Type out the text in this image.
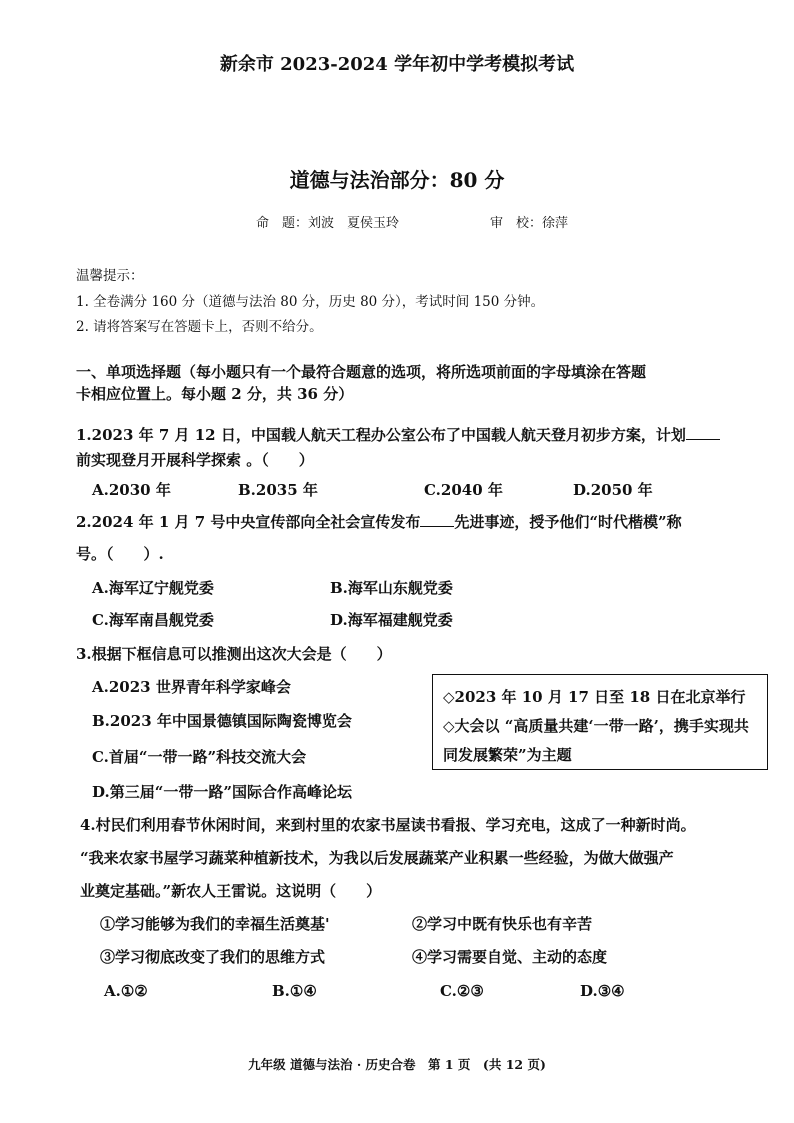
新余市 2023-2024 学年初中学考模拟考试
道德与法治部分：80 分
命　题：刘波　夏侯玉玲	审　校：徐萍
温馨提示：
1. 全卷满分 160 分（道德与法治 80 分，历史 80 分），考试时间 150 分钟。
2. 请将答案写在答题卡上，否则不给分。
一、单项选择题（每小题只有一个最符合题意的选项，将所选项前面的字母填涂在答题
卡相应位置上。每小题 2 分，共 36 分）
1.2023 年 7 月 12 日，中国载人航天工程办公室公布了中国载人航天登月初步方案，计划
前实现登月开展科学探索 。（　　）
A.2030 年	B.2035 年	C.2040 年	D.2050 年
2.2024 年 1 月 7 号中央宣传部向全社会宣传发布 先进事迹，授予他们“时代楷模”称
号。（　　）.
A.海军辽宁舰党委	B.海军山东舰党委
C.海军南昌舰党委	D.海军福建舰党委
3.根据下框信息可以推测出这次大会是（　　）
A.2023 世界青年科学家峰会
B.2023 年中国景德镇国际陶瓷博览会
C.首届“一带一路”科技交流大会
D.第三届“一带一路”国际合作高峰论坛
◇2023 年 10 月 17 日至 18 日在北京举行
◇大会以 “高质量共建‘一带一路’，携手实现共同发展繁荣”为主题
4.村民们利用春节休闲时间，来到村里的农家书屋读书看报、学习充电，这成了一种新时尚。
“我来农家书屋学习蔬菜种植新技术，为我以后发展蔬菜产业积累一些经验，为做大做强产
业奠定基础。”新农人王雷说。这说明（　　）
①学习能够为我们的幸福生活奠基'	②学习中既有快乐也有辛苦
③学习彻底改变了我们的思维方式	④学习需要自觉、主动的态度
A.①②	B.①④	C.②③	D.③④
九年级 道德与法治 · 历史合卷　第 1 页　(共 12 页)
